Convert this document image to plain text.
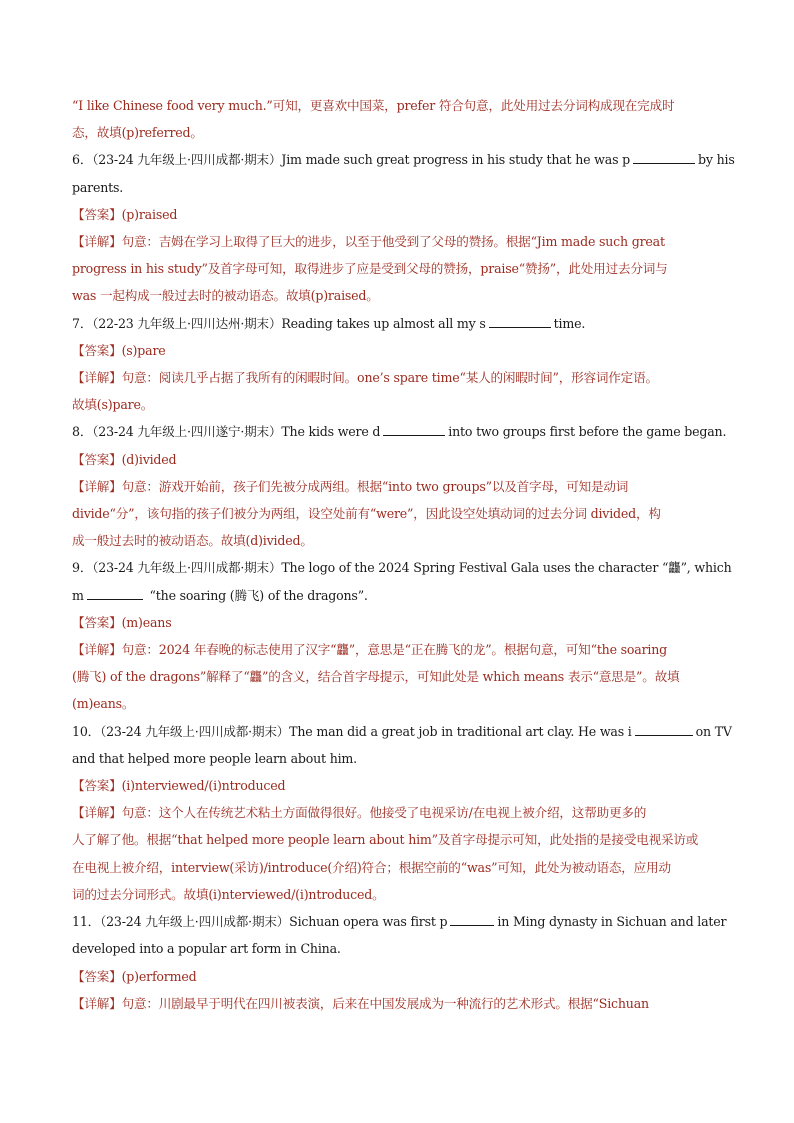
“I like Chinese food very much.”可知，更喜欢中国菜，prefer 符合句意，此处用过去分词构成现在完成时
态，故填(p)referred。
6．（23-24 九年级上·四川成都·期末）Jim made such great progress in his study that he was p	by his
parents.
【答案】(p)raised
【详解】句意：吉姆在学习上取得了巨大的进步，以至于他受到了父母的赞扬。根据“Jim made such great
progress in his study”及首字母可知，取得进步了应是受到父母的赞扬，praise“赞扬”，此处用过去分词与
was 一起构成一般过去时的被动语态。故填(p)raised。
7．（22-23 九年级上·四川达州·期末）Reading takes up almost all my s	time.
【答案】(s)pare
【详解】句意：阅读几乎占据了我所有的闲暇时间。one’s spare time“某人的闲暇时间”，形容词作定语。
故填(s)pare。
8．（23-24 九年级上·四川遂宁·期末）The kids were d	into two groups first before the game began.
【答案】(d)ivided
【详解】句意：游戏开始前，孩子们先被分成两组。根据“into two groups”以及首字母，可知是动词
divide“分”，该句指的孩子们被分为两组，设空处前有“were”，因此设空处填动词的过去分词 divided，构
成一般过去时的被动语态。故填(d)ivided。
9．（23-24 九年级上·四川成都·期末）The logo of the 2024 Spring Festival Gala uses the character “龘”, which
m	“the soaring (腾飞) of the dragons”.
【答案】(m)eans
【详解】句意：2024 年春晚的标志使用了汉字“龘”，意思是“正在腾飞的龙”。根据句意，可知“the soaring
(腾飞) of the dragons”解释了“龘”的含义，结合首字母提示，可知此处是 which means 表示“意思是”。故填
(m)eans。
10．（23-24 九年级上·四川成都·期末）The man did a great job in traditional art clay. He was i	on TV
and that helped more people learn about him.
【答案】(i)nterviewed/(i)ntroduced
【详解】句意：这个人在传统艺术粘土方面做得很好。他接受了电视采访/在电视上被介绍，这帮助更多的
人了解了他。根据“that helped more people learn about him”及首字母提示可知，此处指的是接受电视采访或
在电视上被介绍，interview(采访)/introduce(介绍)符合；根据空前的“was”可知，此处为被动语态，应用动
词的过去分词形式。故填(i)nterviewed/(i)ntroduced。
11．（23-24 九年级上·四川成都·期末）Sichuan opera was first p	in Ming dynasty in Sichuan and later
developed into a popular art form in China.
【答案】(p)erformed
【详解】句意：川剧最早于明代在四川被表演，后来在中国发展成为一种流行的艺术形式。根据“Sichuan
